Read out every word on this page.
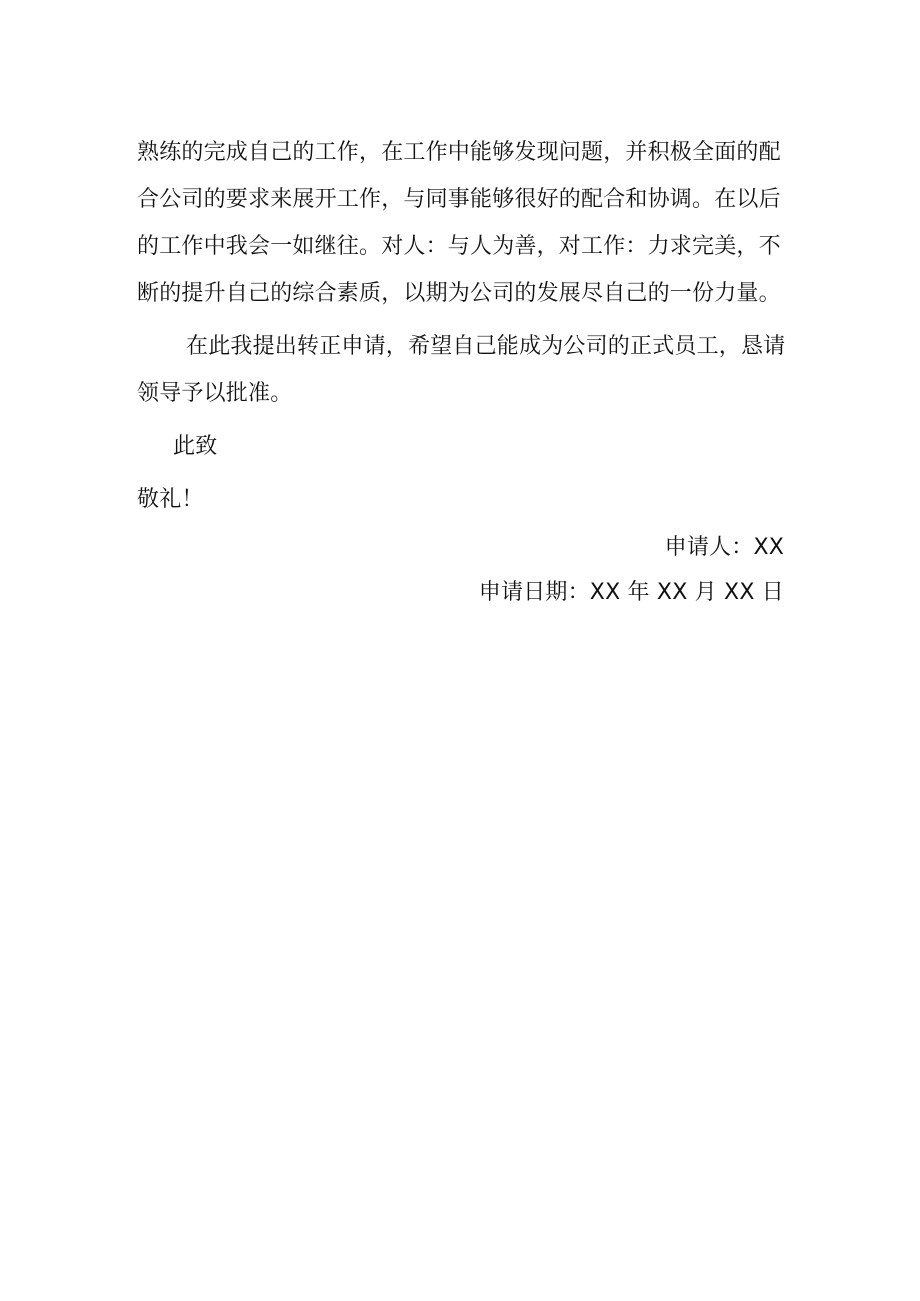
熟练的完成自己的工作，在工作中能够发现问题，并积极全面的配
合公司的要求来展开工作，与同事能够很好的配合和协调。在以后
的工作中我会一如继往。对人：与人为善，对工作：力求完美，不
断的提升自己的综合素质，以期为公司的发展尽自己的一份力量。
在此我提出转正申请，希望自己能成为公司的正式员工，恳请
领导予以批准。
此致
敬礼！
申请人：XX
申请日期：XX 年 XX 月 XX 日
